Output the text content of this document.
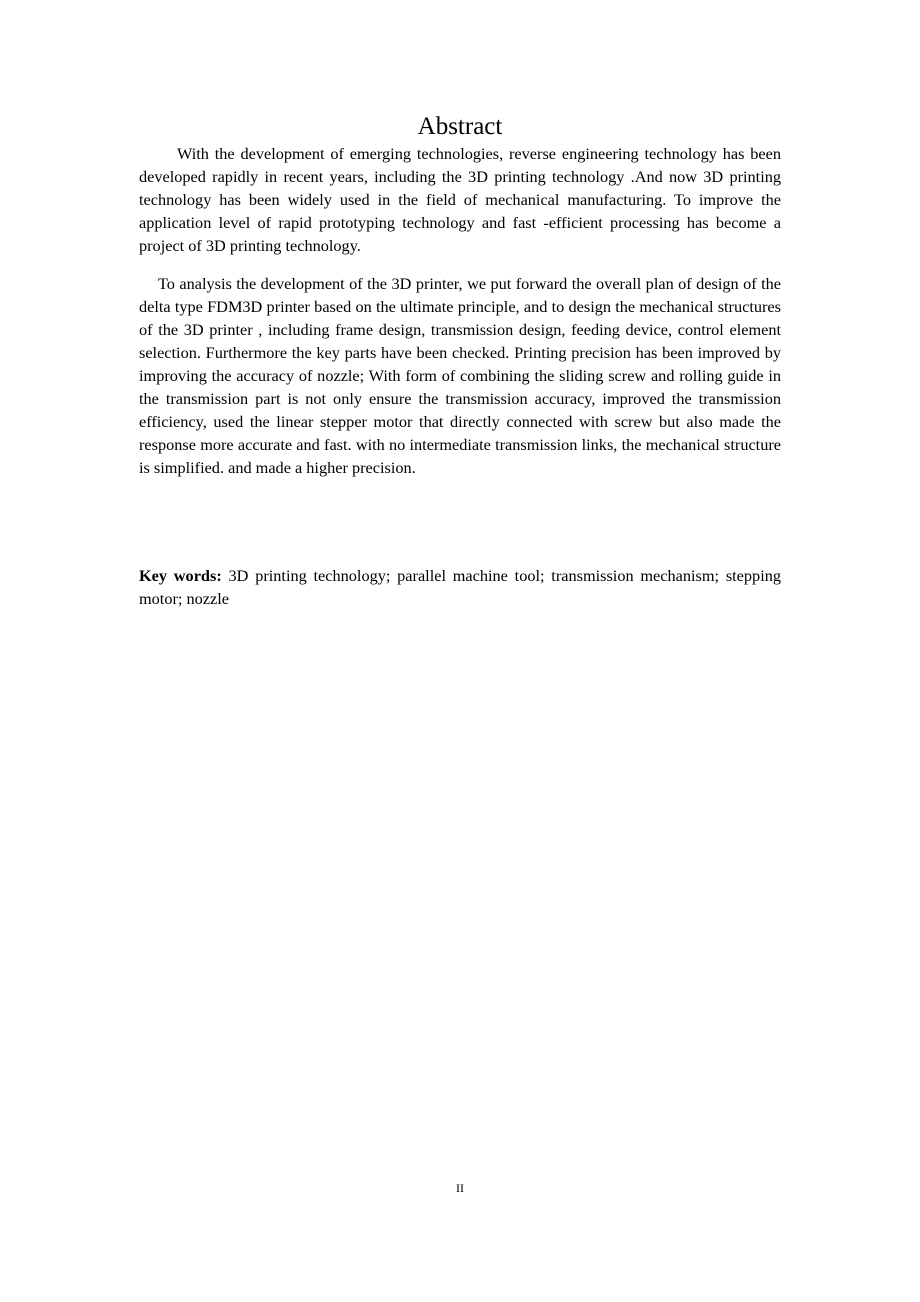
Abstract

With the development of emerging technologies, reverse engineering technology has been developed rapidly in recent years, including the 3D printing technology .And now 3D printing technology has been widely used in the field of mechanical manufacturing. To improve the application level of rapid prototyping technology and fast -efficient processing has become a project of 3D printing technology.

To analysis the development of the 3D printer, we put forward the overall plan of design of the delta type FDM3D printer based on the ultimate principle, and to design the mechanical structures of the 3D printer , including frame design, transmission design, feeding device, control element selection. Furthermore the key parts have been checked. Printing precision has been improved by improving the accuracy of nozzle; With form of combining the sliding screw and rolling guide in the transmission part is not only ensure the transmission accuracy, improved the transmission efficiency, used the linear stepper motor that directly connected with screw but also made the response more accurate and fast. with no intermediate transmission links, the mechanical structure is simplified. and made a higher precision.

Key words: 3D printing technology; parallel machine tool; transmission mechanism; stepping motor; nozzle

II
